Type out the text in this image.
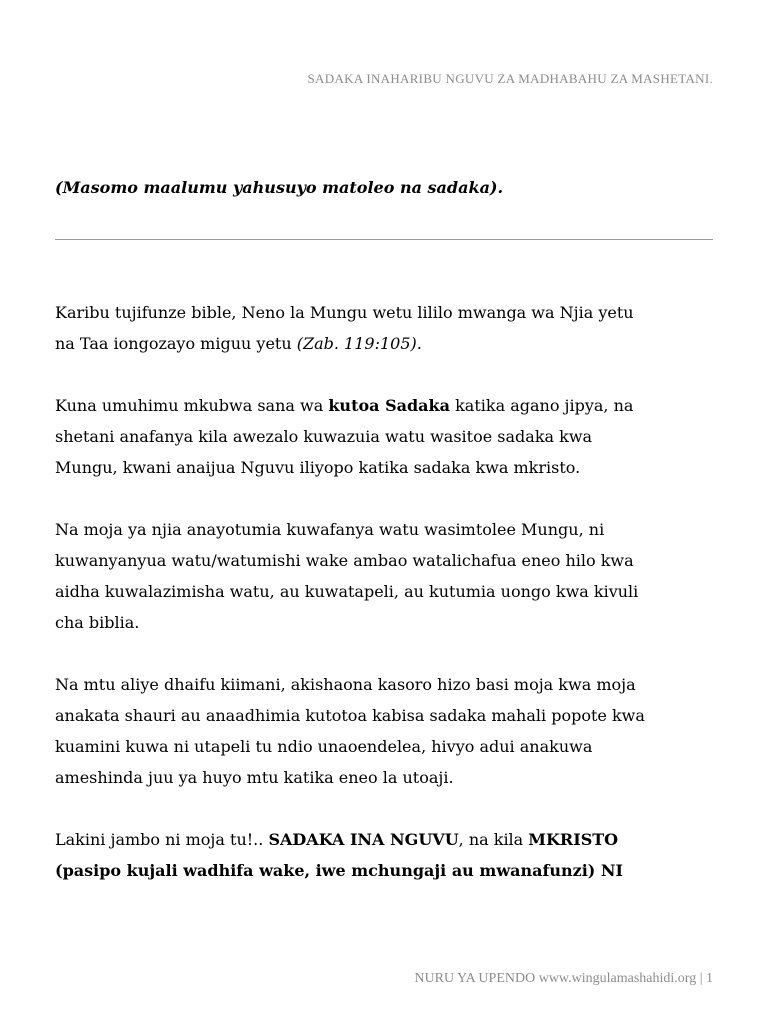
SADAKA INAHARIBU NGUVU ZA MADHABAHU ZA MASHETANI.
(Masomo maalumu yahusuyo matoleo na sadaka).

Karibu tujifunze bible, Neno la Mungu wetu lililo mwanga wa Njia yetu
na Taa iongozayo miguu yetu (Zab. 119:105).

Kuna umuhimu mkubwa sana wa kutoa Sadaka katika agano jipya, na
shetani anafanya kila awezalo kuwazuia watu wasitoe sadaka kwa
Mungu, kwani anaijua Nguvu iliyopo katika sadaka kwa mkristo.

Na moja ya njia anayotumia kuwafanya watu wasimtolee Mungu, ni
kuwanyanyua watu/watumishi wake ambao watalichafua eneo hilo kwa
aidha kuwalazimisha watu, au kuwatapeli, au kutumia uongo kwa kivuli
cha biblia.

Na mtu aliye dhaifu kiimani, akishaona kasoro hizo basi moja kwa moja
anakata shauri au anaadhimia kutotoa kabisa sadaka mahali popote kwa
kuamini kuwa ni utapeli tu ndio unaoendelea, hivyo adui anakuwa
ameshinda juu ya huyo mtu katika eneo la utoaji.

Lakini jambo ni moja tu!.. SADAKA INA NGUVU, na kila MKRISTO
(pasipo kujali wadhifa wake, iwe mchungaji au mwanafunzi) NI

NURU YA UPENDO www.wingulamashahidi.org | 1
